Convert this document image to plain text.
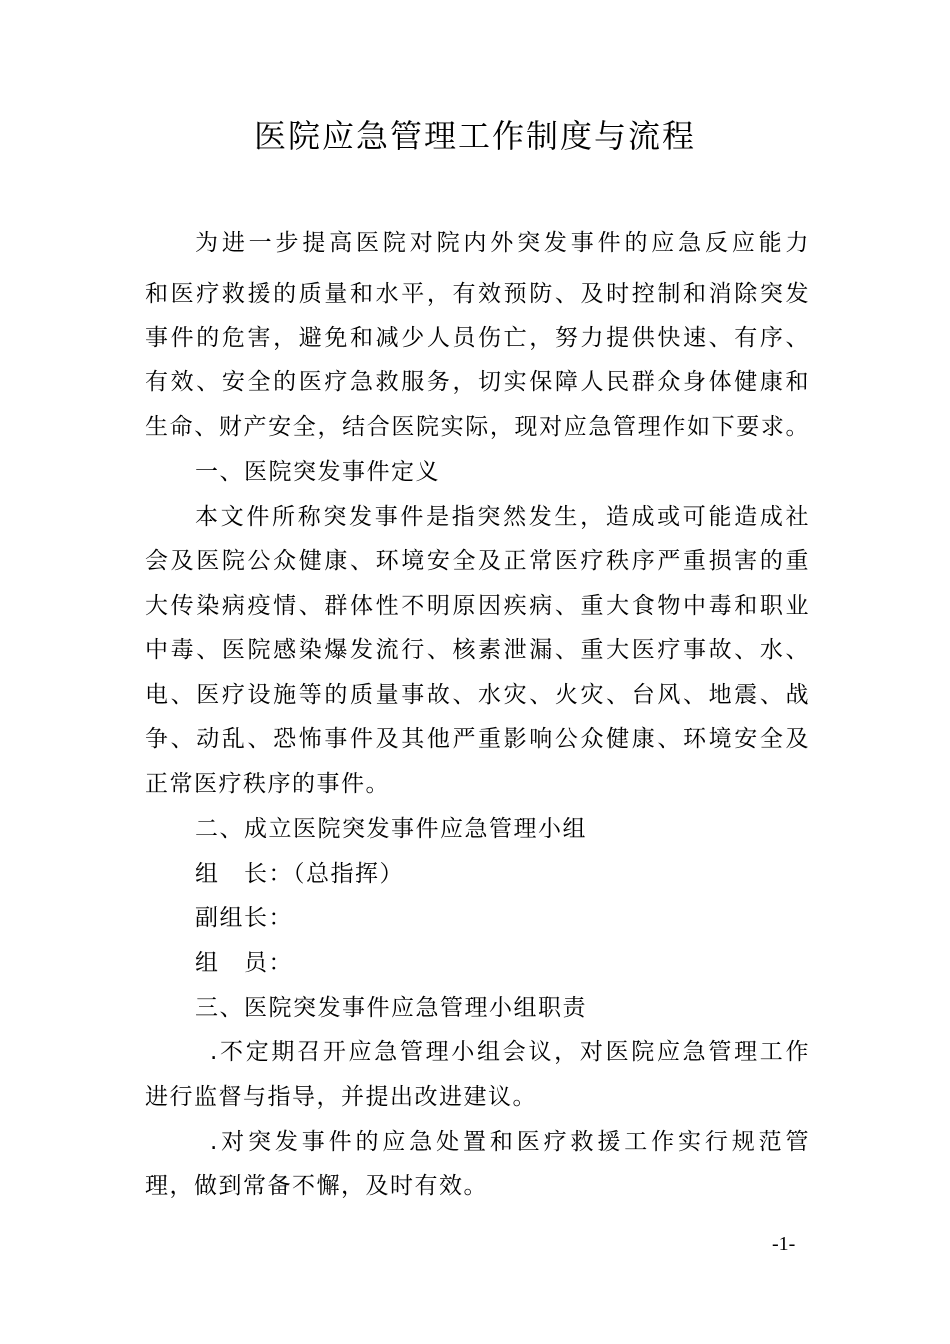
医院应急管理工作制度与流程
为进一步提高医院对院内外突发事件的应急反应能力
和医疗救援的质量和水平，有效预防、及时控制和消除突发
事件的危害，避免和减少人员伤亡，努力提供快速、有序、
有效、安全的医疗急救服务，切实保障人民群众身体健康和
生命、财产安全，结合医院实际，现对应急管理作如下要求。
一、医院突发事件定义
本文件所称突发事件是指突然发生，造成或可能造成社
会及医院公众健康、环境安全及正常医疗秩序严重损害的重
大传染病疫情、群体性不明原因疾病、重大食物中毒和职业
中毒、医院感染爆发流行、核素泄漏、重大医疗事故、水、
电、医疗设施等的质量事故、水灾、火灾、台风、地震、战
争、动乱、恐怖事件及其他严重影响公众健康、环境安全及
正常医疗秩序的事件。
二、成立医院突发事件应急管理小组
组　长：（总指挥）
副组长：
组　员：
三、医院突发事件应急管理小组职责
.不定期召开应急管理小组会议，对医院应急管理工作
进行监督与指导，并提出改进建议。
.对突发事件的应急处置和医疗救援工作实行规范管
理，做到常备不懈，及时有效。
-1-
